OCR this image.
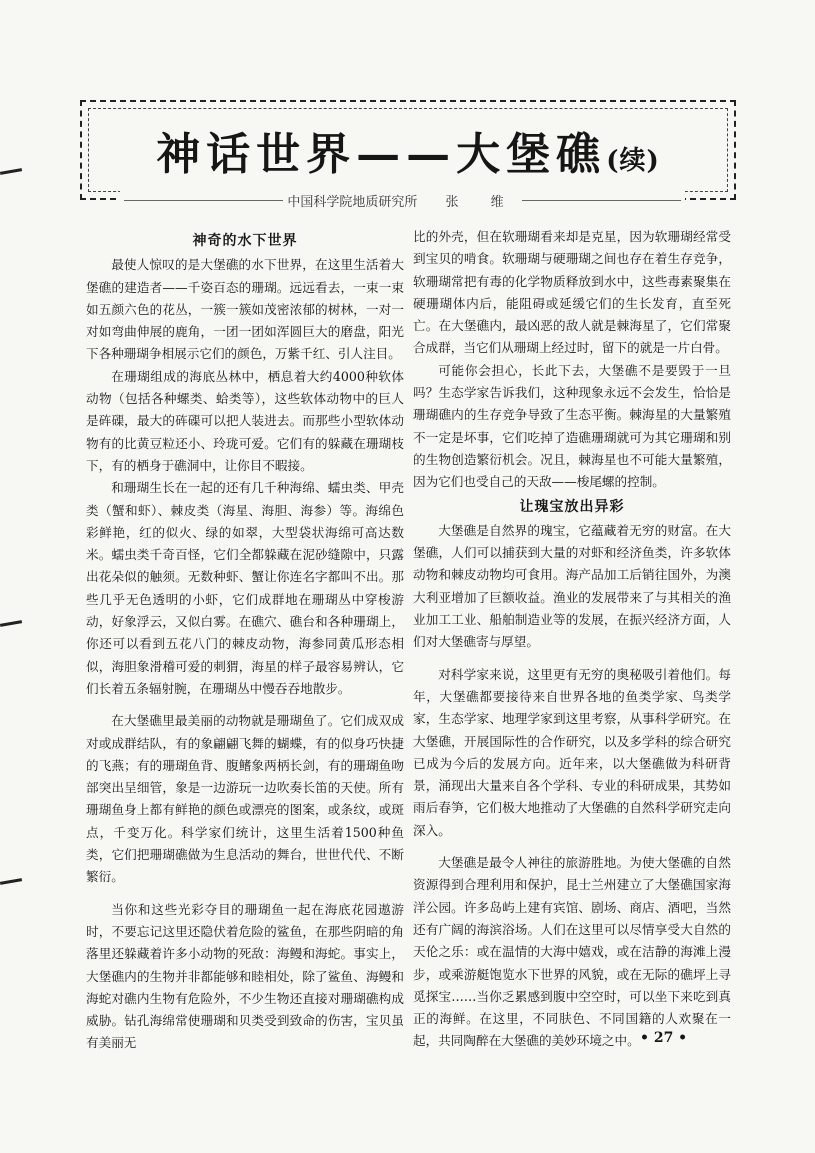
神话世界——大堡礁(续)
中国科学院地质研究所 张 维
神奇的水下世界

最使人惊叹的是大堡礁的水下世界，在这里生活着大堡礁的建造者——千姿百态的珊瑚。远远看去，一束一束如五颜六色的花丛，一簇一簇如茂密浓郁的树林，一对一对如弯曲伸展的鹿角，一团一团如浑圆巨大的磨盘，阳光下各种珊瑚争相展示它们的颜色，万紫千红、引人注目。

在珊瑚组成的海底丛林中，栖息着大约4000种软体动物（包括各种螺类、蛤类等），这些软体动物中的巨人是砗磲，最大的砗磲可以把人装进去。而那些小型软体动物有的比黄豆粒还小、玲珑可爱。它们有的躲藏在珊瑚枝下，有的栖身于礁洞中，让你目不暇接。

和珊瑚生长在一起的还有几千种海绵、蠕虫类、甲壳类（蟹和虾）、棘皮类（海星、海胆、海参）等。海绵色彩鲜艳，红的似火、绿的如翠，大型袋状海绵可高达数米。蠕虫类千奇百怪，它们全都躲藏在泥砂缝隙中，只露出花朵似的触须。无数种虾、蟹让你连名字都叫不出。那些几乎无色透明的小虾，它们成群地在珊瑚丛中穿梭游动，好象浮云，又似白雾。在礁穴、礁台和各种珊瑚上，你还可以看到五花八门的棘皮动物，海参同黄瓜形态相似，海胆象滑稽可爱的刺猬，海星的样子最容易辨认，它们长着五条辐射腕，在珊瑚丛中慢吞吞地散步。

在大堡礁里最美丽的动物就是珊瑚鱼了。它们成双成对或成群结队，有的象翩翩飞舞的蝴蝶，有的似身巧快捷的飞燕；有的珊瑚鱼背、腹鳍象两柄长剑，有的珊瑚鱼吻部突出呈细管，象是一边游玩一边吹奏长笛的天使。所有珊瑚鱼身上都有鲜艳的颜色或漂亮的图案，或条纹，或斑点，千变万化。科学家们统计，这里生活着1500种鱼类，它们把珊瑚礁做为生息活动的舞台，世世代代、不断繁衍。

当你和这些光彩夺目的珊瑚鱼一起在海底花园遨游时，不要忘记这里还隐伏着危险的鲨鱼，在那些阴暗的角落里还躲藏着许多小动物的死敌：海鳗和海蛇。事实上，大堡礁内的生物并非都能够和睦相处，除了鲨鱼、海鳗和海蛇对礁内生物有危险外，不少生物还直接对珊瑚礁构成威胁。钻孔海绵常使珊瑚和贝类受到致命的伤害，宝贝虽有美丽无

比的外壳，但在软珊瑚看来却是克星，因为软珊瑚经常受到宝贝的啃食。软珊瑚与硬珊瑚之间也存在着生存竞争，软珊瑚常把有毒的化学物质释放到水中，这些毒素聚集在硬珊瑚体内后，能阻碍或延缓它们的生长发育，直至死亡。在大堡礁内，最凶恶的敌人就是棘海星了，它们常聚合成群，当它们从珊瑚上经过时，留下的就是一片白骨。

可能你会担心，长此下去，大堡礁不是要毁于一旦吗？生态学家告诉我们，这种现象永远不会发生，恰恰是珊瑚礁内的生存竞争导致了生态平衡。棘海星的大量繁殖不一定是坏事，它们吃掉了造礁珊瑚就可为其它珊瑚和别的生物创造繁衍机会。况且，棘海星也不可能大量繁殖，因为它们也受自己的天敌——梭尾螺的控制。

让瑰宝放出异彩

大堡礁是自然界的瑰宝，它蕴藏着无穷的财富。在大堡礁，人们可以捕获到大量的对虾和经济鱼类，许多软体动物和棘皮动物均可食用。海产品加工后销往国外，为澳大利亚增加了巨额收益。渔业的发展带来了与其相关的渔业加工工业、船舶制造业等的发展，在振兴经济方面，人们对大堡礁寄与厚望。

对科学家来说，这里更有无穷的奥秘吸引着他们。每年，大堡礁都要接待来自世界各地的鱼类学家、鸟类学家，生态学家、地理学家到这里考察，从事科学研究。在大堡礁，开展国际性的合作研究，以及多学科的综合研究已成为今后的发展方向。近年来，以大堡礁做为科研背景，涌现出大量来自各个学科、专业的科研成果，其势如雨后春笋，它们极大地推动了大堡礁的自然科学研究走向深入。

大堡礁是最令人神往的旅游胜地。为使大堡礁的自然资源得到合理利用和保护，昆士兰州建立了大堡礁国家海洋公园。许多岛屿上建有宾馆、剧场、商店、酒吧，当然还有广阔的海滨浴场。人们在这里可以尽情享受大自然的天伦之乐：或在温情的大海中嬉戏，或在洁静的海滩上漫步，或乘游艇饱览水下世界的风貌，或在无际的礁坪上寻觅探宝……当你乏累感到腹中空空时，可以坐下来吃到真正的海鲜。在这里，不同肤色、不同国籍的人欢聚在一起，共同陶醉在大堡礁的美妙环境之中。 • 27 •
